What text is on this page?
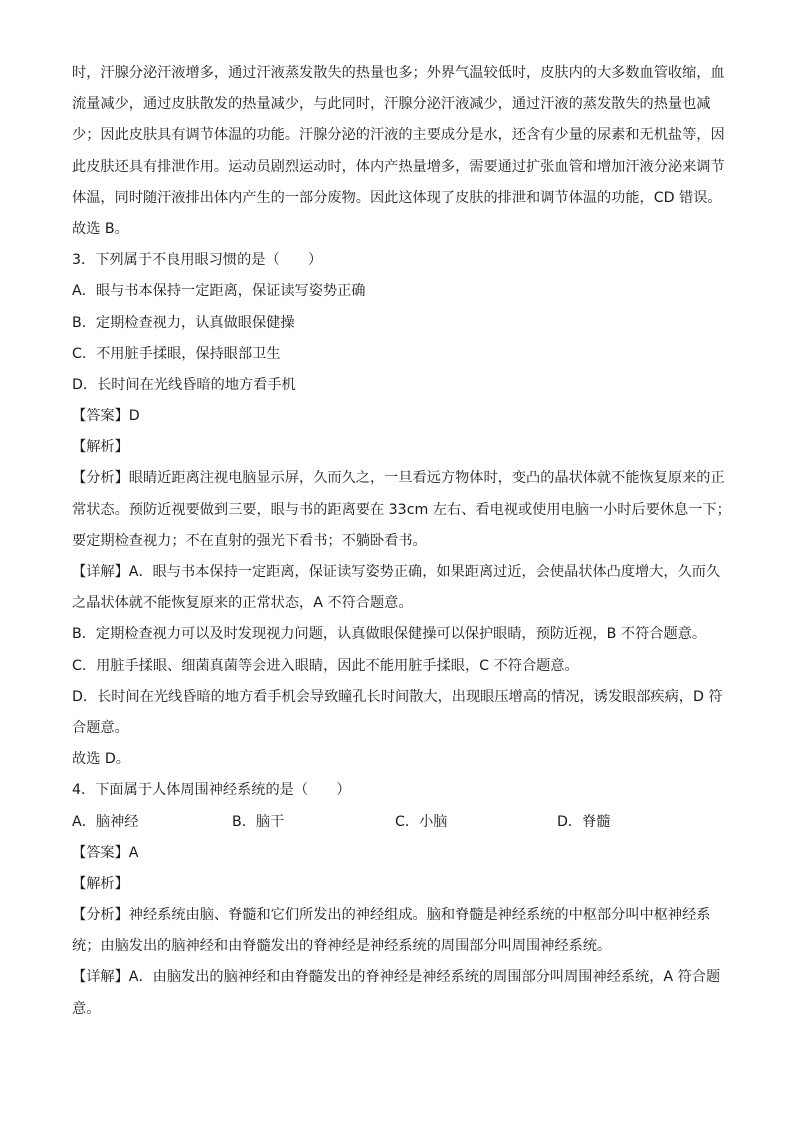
时，汗腺分泌汗液增多，通过汗液蒸发散失的热量也多；外界气温较低时，皮肤内的大多数血管收缩，血
流量减少，通过皮肤散发的热量减少，与此同时，汗腺分泌汗液减少，通过汗液的蒸发散失的热量也减
少；因此皮肤具有调节体温的功能。汗腺分泌的汗液的主要成分是水，还含有少量的尿素和无机盐等，因
此皮肤还具有排泄作用。运动员剧烈运动时，体内产热量增多，需要通过扩张血管和增加汗液分泌来调节
体温，同时随汗液排出体内产生的一部分废物。因此这体现了皮肤的排泄和调节体温的功能，CD 错误。
故选 B。
3．下列属于不良用眼习惯的是（　　）
A．眼与书本保持一定距离，保证读写姿势正确
B．定期检查视力，认真做眼保健操
C．不用脏手揉眼，保持眼部卫生
D．长时间在光线昏暗的地方看手机
【答案】D
【解析】
【分析】眼睛近距离注视电脑显示屏，久而久之，一旦看远方物体时，变凸的晶状体就不能恢复原来的正
常状态。预防近视要做到三要，眼与书的距离要在 33cm 左右、看电视或使用电脑一小时后要休息一下；
要定期检查视力；不在直射的强光下看书；不躺卧看书。
【详解】A．眼与书本保持一定距离，保证读写姿势正确，如果距离过近，会使晶状体凸度增大，久而久
之晶状体就不能恢复原来的正常状态，A 不符合题意。
B．定期检查视力可以及时发现视力问题，认真做眼保健操可以保护眼睛，预防近视，B 不符合题意。
C．用脏手揉眼、细菌真菌等会进入眼睛，因此不能用脏手揉眼，C 不符合题意。
D．长时间在光线昏暗的地方看手机会导致瞳孔长时间散大，出现眼压增高的情况，诱发眼部疾病，D 符
合题意。
故选 D。
4．下面属于人体周围神经系统的是（　　）
A．脑神经	B．脑干	C．小脑	D．脊髓
【答案】A
【解析】
【分析】神经系统由脑、脊髓和它们所发出的神经组成。脑和脊髓是神经系统的中枢部分叫中枢神经系
统；由脑发出的脑神经和由脊髓发出的脊神经是神经系统的周围部分叫周围神经系统。
【详解】A．由脑发出的脑神经和由脊髓发出的脊神经是神经系统的周围部分叫周围神经系统，A 符合题
意。
